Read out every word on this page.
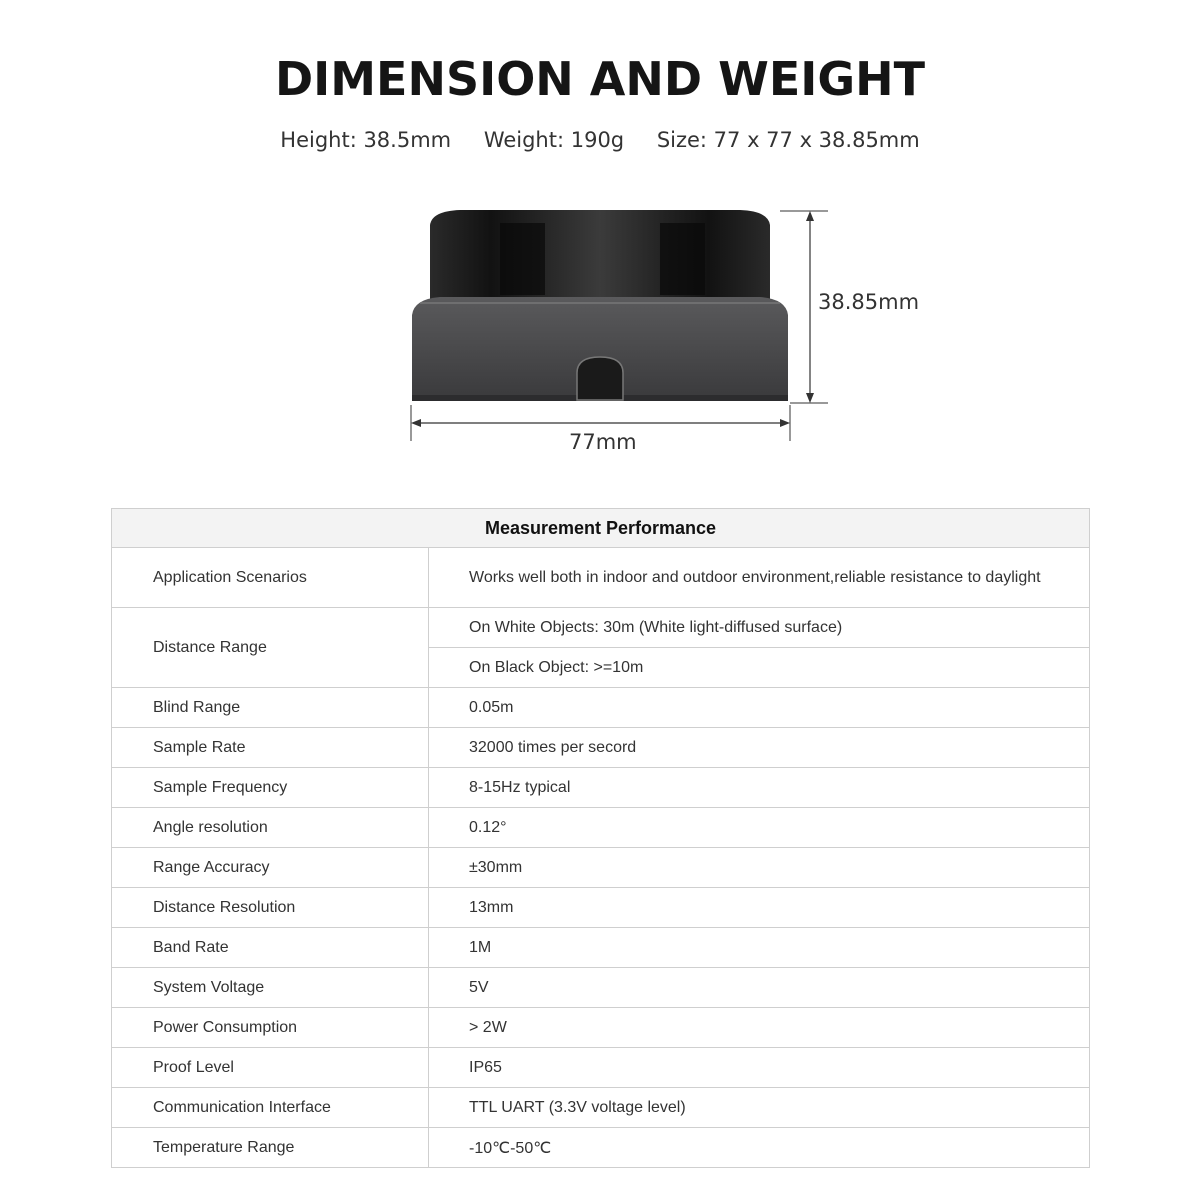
DIMENSION AND WEIGHT
Height: 38.5mm Weight: 190g Size: 77 x 77 x 38.85mm
38.85mm
77mm
Measurement Performance	
Application Scenarios	Works well both in indoor and outdoor environment,reliable resistance to daylight
Distance Range	On White Objects: 30m (White light-diffused surface)
	On Black Object: >=10m
Blind Range	0.05m
Sample Rate	32000 times per secord
Sample Frequency	8-15Hz typical
Angle resolution	0.12°
Range Accuracy	±30mm
Distance Resolution	13mm
Band Rate	1M
System Voltage	5V
Power Consumption	> 2W
Proof Level	IP65
Communication Interface	TTL UART (3.3V voltage level)
Temperature Range	-10℃-50℃
